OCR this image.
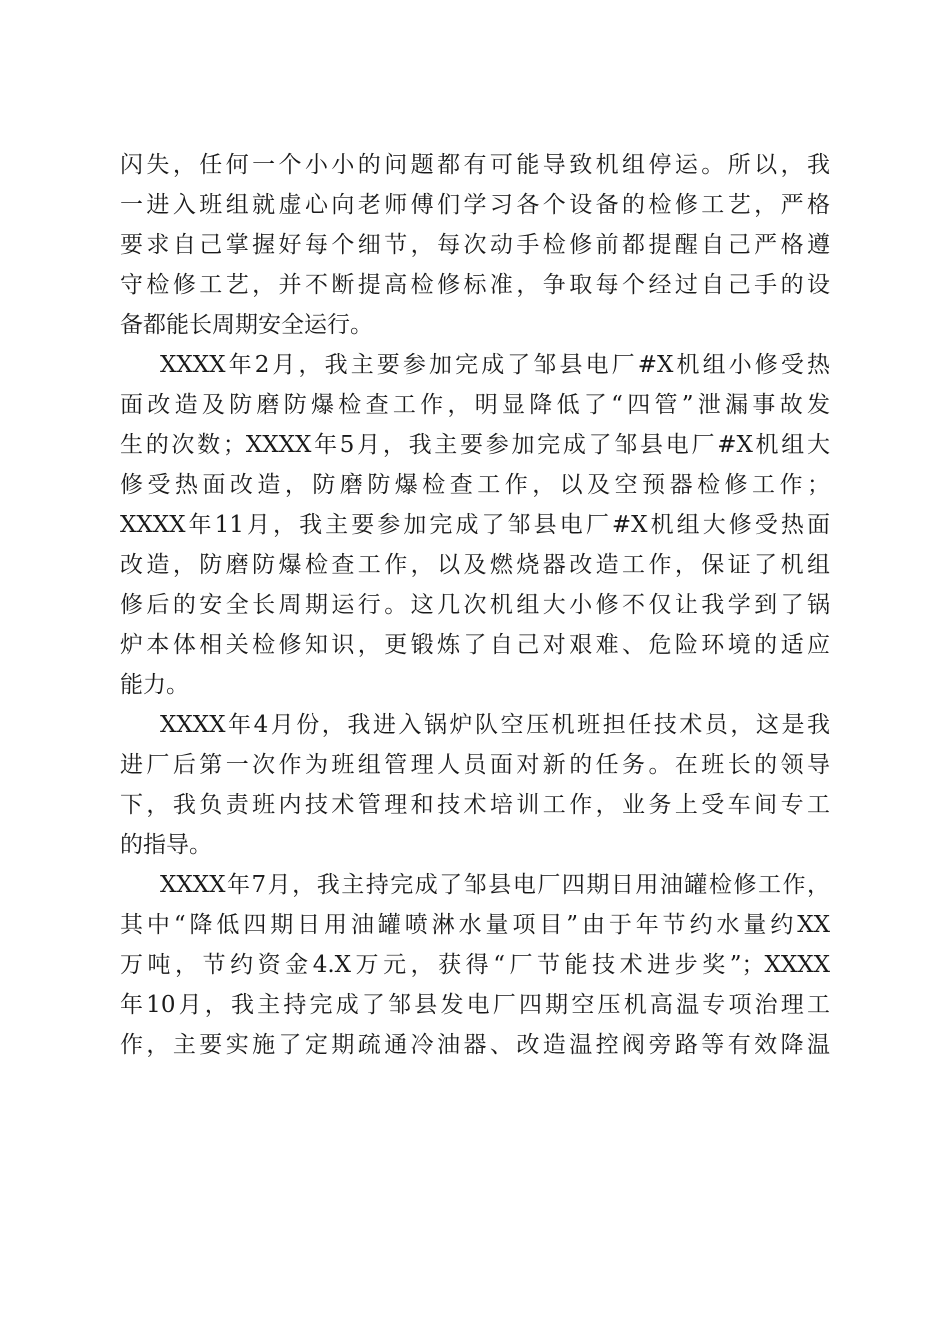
闪失，任何一个小小的问题都有可能导致机组停运。所以，我
一进入班组就虚心向老师傅们学习各个设备的检修工艺，严格
要求自己掌握好每个细节，每次动手检修前都提醒自己严格遵
守检修工艺，并不断提高检修标准，争取每个经过自己手的设
备都能长周期安全运行。
XXXX年2月，我主要参加完成了邹县电厂#X机组小修受热
面改造及防磨防爆检查工作，明显降低了“四管”泄漏事故发
生的次数；XXXX年5月，我主要参加完成了邹县电厂#X机组大
修受热面改造，防磨防爆检查工作，以及空预器检修工作；
XXXX年11月，我主要参加完成了邹县电厂#X机组大修受热面
改造，防磨防爆检查工作，以及燃烧器改造工作，保证了机组
修后的安全长周期运行。这几次机组大小修不仅让我学到了锅
炉本体相关检修知识，更锻炼了自己对艰难、危险环境的适应
能力。
XXXX年4月份，我进入锅炉队空压机班担任技术员，这是我
进厂后第一次作为班组管理人员面对新的任务。在班长的领导
下，我负责班内技术管理和技术培训工作，业务上受车间专工
的指导。
XXXX年7月，我主持完成了邹县电厂四期日用油罐检修工作，
其中“降低四期日用油罐喷淋水量项目”由于年节约水量约XX
万吨，节约资金4.X万元，获得“厂节能技术进步奖”；XXXX
年10月，我主持完成了邹县发电厂四期空压机高温专项治理工
作，主要实施了定期疏通冷油器、改造温控阀旁路等有效降温
